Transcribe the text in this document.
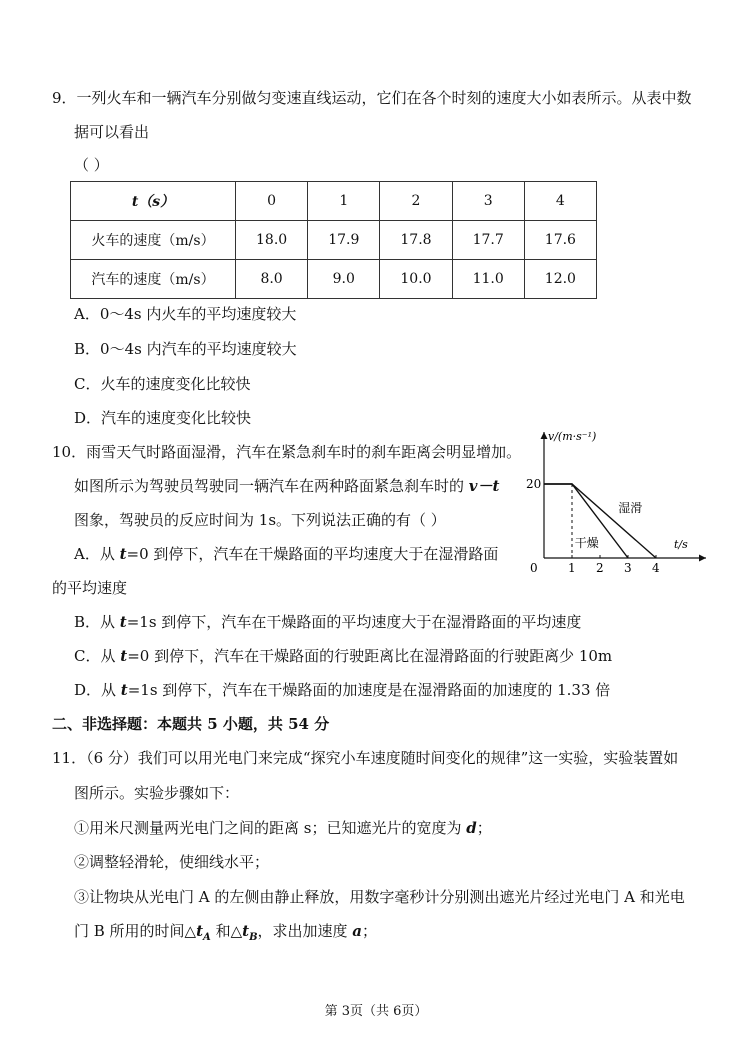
9．一列火车和一辆汽车分别做匀变速直线运动，它们在各个时刻的速度大小如表所示。从表中数
据可以看出
（ ）
t（s）	0	1	2	3	4
火车的速度（m/s）	18.0	17.9	17.8	17.7	17.6
汽车的速度（m/s）	8.0	9.0	10.0	11.0	12.0
A．0～4s 内火车的平均速度较大
B．0～4s 内汽车的平均速度较大
C．火车的速度变化比较快
D．汽车的速度变化比较快
10．雨雪天气时路面湿滑，汽车在紧急刹车时的刹车距离会明显增加。
如图所示为驾驶员驾驶同一辆汽车在两种路面紧急刹车时的 v－t
图象，驾驶员的反应时间为 1s。下列说法正确的有（ ）
A．从 t=0 到停下，汽车在干燥路面的平均速度大于在湿滑路面
的平均速度
B．从 t=1s 到停下，汽车在干燥路面的平均速度大于在湿滑路面的平均速度
C．从 t=0 到停下，汽车在干燥路面的行驶距离比在湿滑路面的行驶距离少 10m
D．从 t=1s 到停下，汽车在干燥路面的加速度是在湿滑路面的加速度的 1.33 倍
v/(m·s⁻¹)
t/s
0	1 2 3 4
20
干燥
湿滑
二、非选择题：本题共 5 小题，共 54 分
11．（6 分）我们可以用光电门来完成“探究小车速度随时间变化的规律”这一实验，实验装置如
图所示。实验步骤如下：
①用米尺测量两光电门之间的距离 s；已知遮光片的宽度为 d；
②调整轻滑轮，使细线水平；
③让物块从光电门 A 的左侧由静止释放，用数字毫秒计分别测出遮光片经过光电门 A 和光电
门 B 所用的时间$\triangle t_A$ 和$\triangle t_B$，求出加速度 a；
第 3页（共 6页）
